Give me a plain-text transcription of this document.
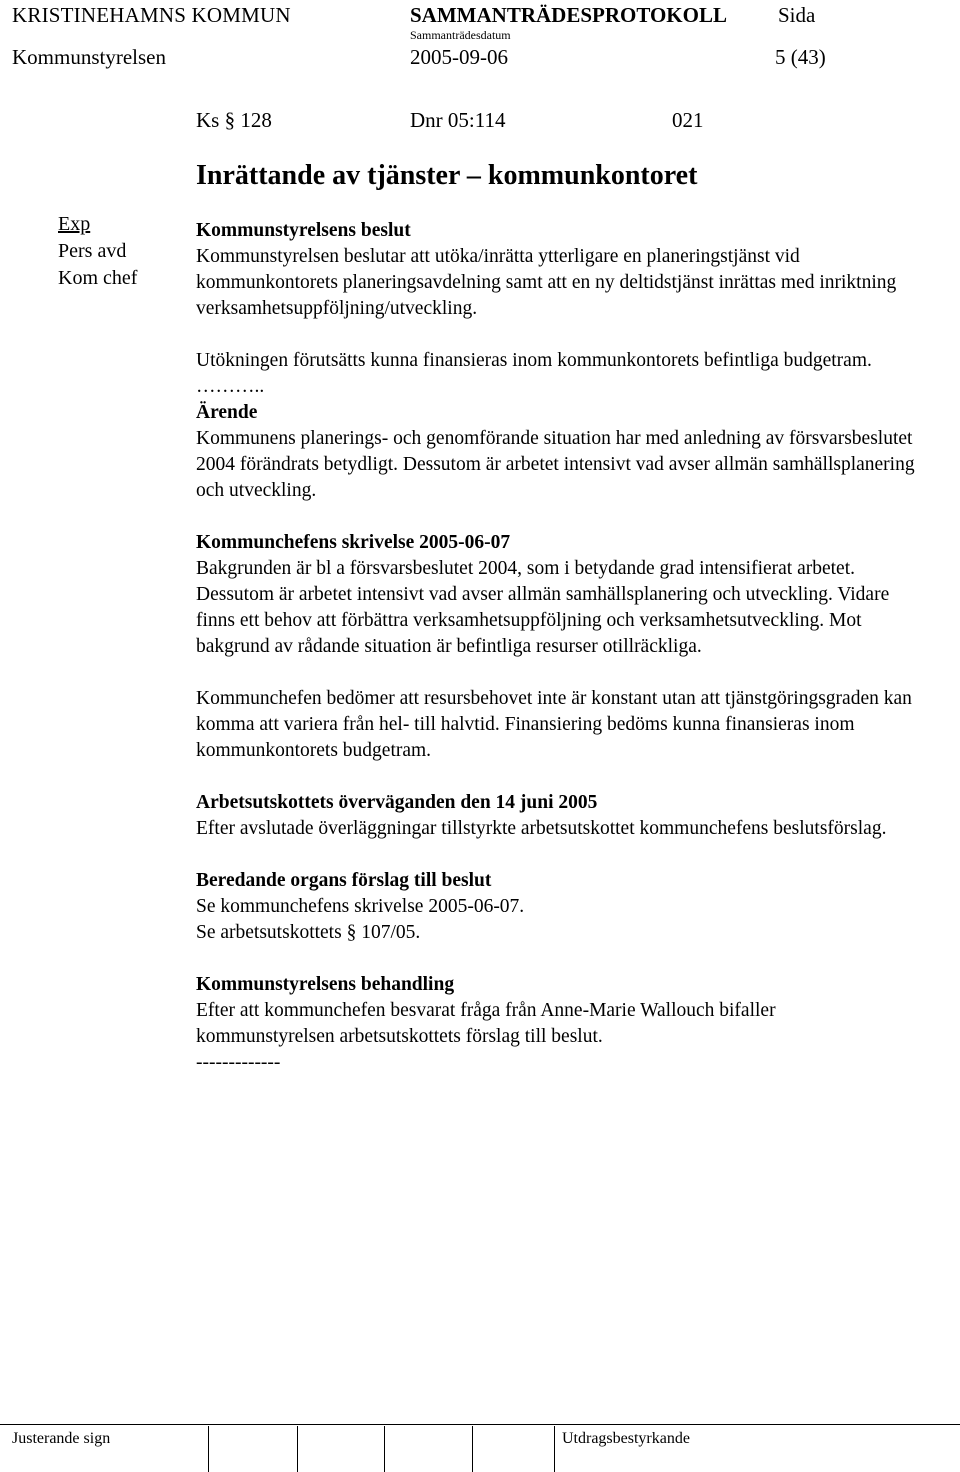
KRISTINEHAMNS KOMMUN	SAMMANTRÄDESPROTOKOLL Sida
Sammanträdesdatum
Kommunstyrelsen	2005-09-06	5 (43)
Ks § 128	Dnr 05:114	021
Inrättande av tjänster – kommunkontoret
Exp
Pers avd
Kom chef

Kommunstyrelsens beslut

Kommunstyrelsen beslutar att utöka/inrätta ytterligare en planeringstjänst vid kommunkontorets planeringsavdelning samt att en ny deltidstjänst inrättas med inriktning verksamhetsuppföljning/utveckling.

Utökningen förutsätts kunna finansieras inom kommunkontorets befintliga budgetram.

………..

Ärende

Kommunens planerings- och genomförande situation har med anledning av försvarsbeslutet 2004 förändrats betydligt. Dessutom är arbetet intensivt vad avser allmän samhällsplanering och utveckling.

Kommunchefens skrivelse 2005-06-07

Bakgrunden är bl a försvarsbeslutet 2004, som i betydande grad intensifierat arbetet. Dessutom är arbetet intensivt vad avser allmän samhällsplanering och utveckling. Vidare finns ett behov att förbättra verksamhetsuppföljning och verksamhetsutveckling. Mot bakgrund av rådande situation är befintliga resurser otillräckliga.

Kommunchefen bedömer att resursbehovet inte är konstant utan att tjänstgöringsgraden kan komma att variera från hel- till halvtid. Finansiering bedöms kunna finansieras inom kommunkontorets budgetram.

Arbetsutskottets överväganden den 14 juni 2005

Efter avslutade överläggningar tillstyrkte arbetsutskottet kommunchefens beslutsförslag.

Beredande organs förslag till beslut

Se kommunchefens skrivelse 2005-06-07.

Se arbetsutskottets § 107/05.

Kommunstyrelsens behandling

Efter att kommunchefen besvarat fråga från Anne-Marie Wallouch bifaller kommunstyrelsen arbetsutskottets förslag till beslut.

-------------

Justerande sign	Utdragsbestyrkande
